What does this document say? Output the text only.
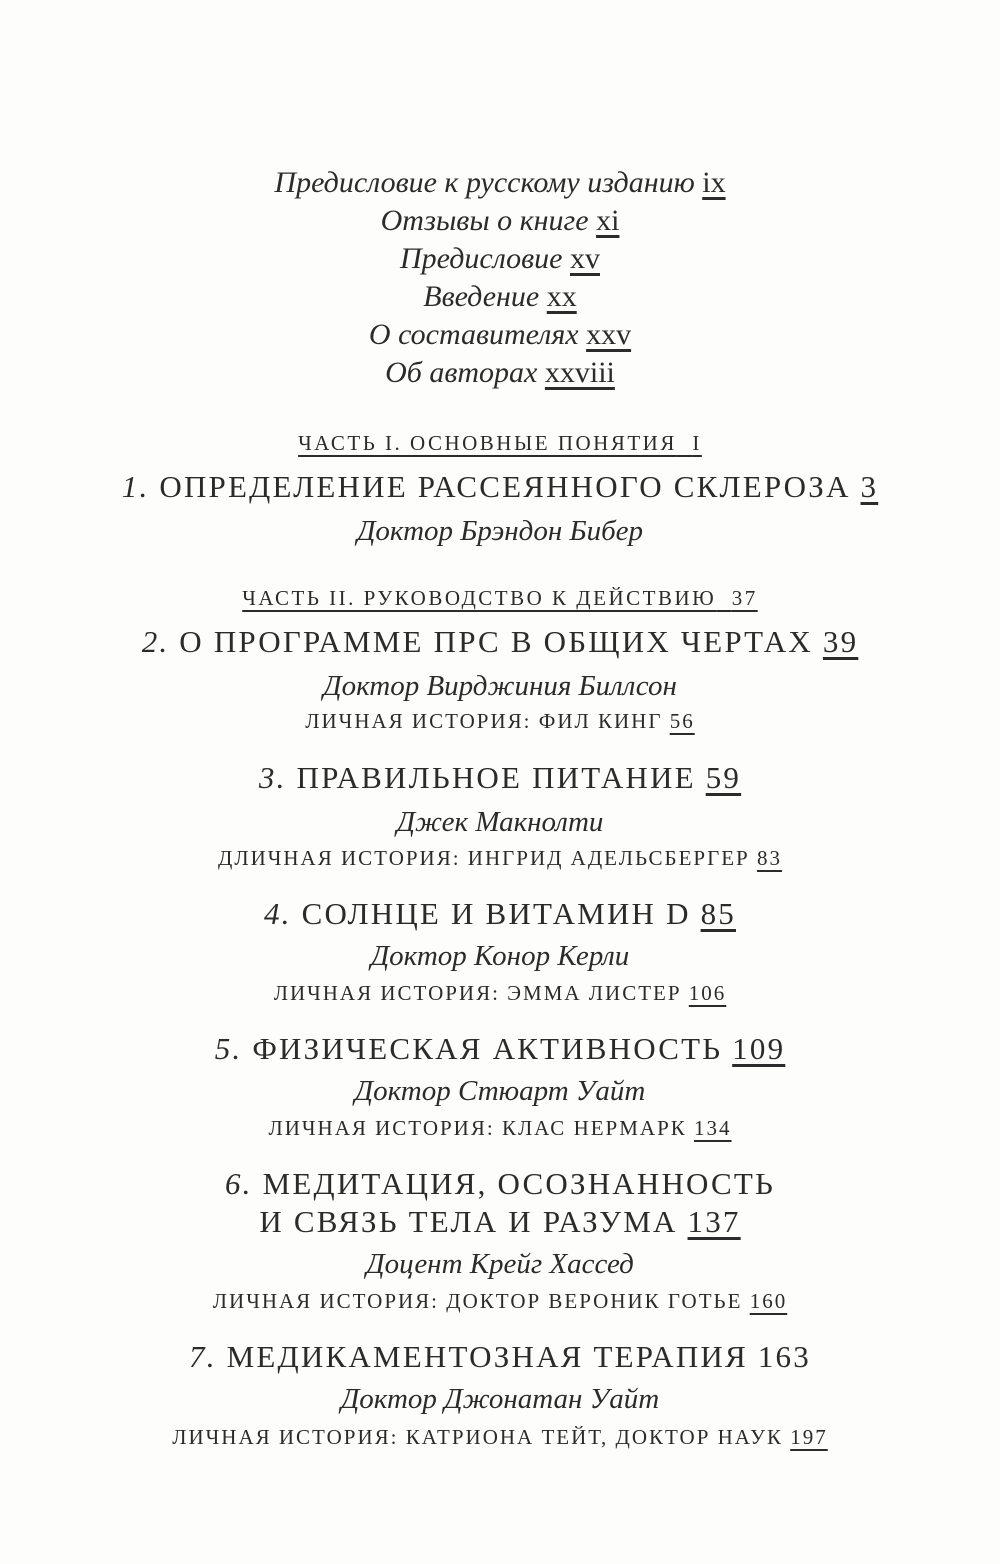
Предисловие к русскому изданию ix
Отзывы о книге xi
Предисловие xv
Введение xx
О составителях xxv
Об авторах xxviii
ЧАСТЬ I. ОСНОВНЫЕ ПОНЯТИЯ I
1. ОПРЕДЕЛЕНИЕ РАССЕЯННОГО СКЛЕРОЗА 3
Доктор Брэндон Бибер
ЧАСТЬ II. РУКОВОДСТВО К ДЕЙСТВИЮ 37
2. О ПРОГРАММЕ ПРС В ОБЩИХ ЧЕРТАХ 39
Доктор Вирджиния Биллсон
ЛИЧНАЯ ИСТОРИЯ: ФИЛ КИНГ 56
3. ПРАВИЛЬНОЕ ПИТАНИЕ 59
Джек Макнолти
ДЛИЧНАЯ ИСТОРИЯ: ИНГРИД АДЕЛЬСБЕРГЕР 83
4. СОЛНЦЕ И ВИТАМИН D 85
Доктор Конор Керли
ЛИЧНАЯ ИСТОРИЯ: ЭММА ЛИСТЕР 106
5. ФИЗИЧЕСКАЯ АКТИВНОСТЬ 109
Доктор Стюарт Уайт
ЛИЧНАЯ ИСТОРИЯ: КЛАС НЕРМАРК 134
6. МЕДИТАЦИЯ, ОСОЗНАННОСТЬ
И СВЯЗЬ ТЕЛА И РАЗУМА 137
Доцент Крейг Хассед
ЛИЧНАЯ ИСТОРИЯ: ДОКТОР ВЕРОНИК ГОТЬЕ 160
7. МЕДИКАМЕНТОЗНАЯ ТЕРАПИЯ 163
Доктор Джонатан Уайт
ЛИЧНАЯ ИСТОРИЯ: КАТРИОНА ТЕЙТ, ДОКТОР НАУК 197
